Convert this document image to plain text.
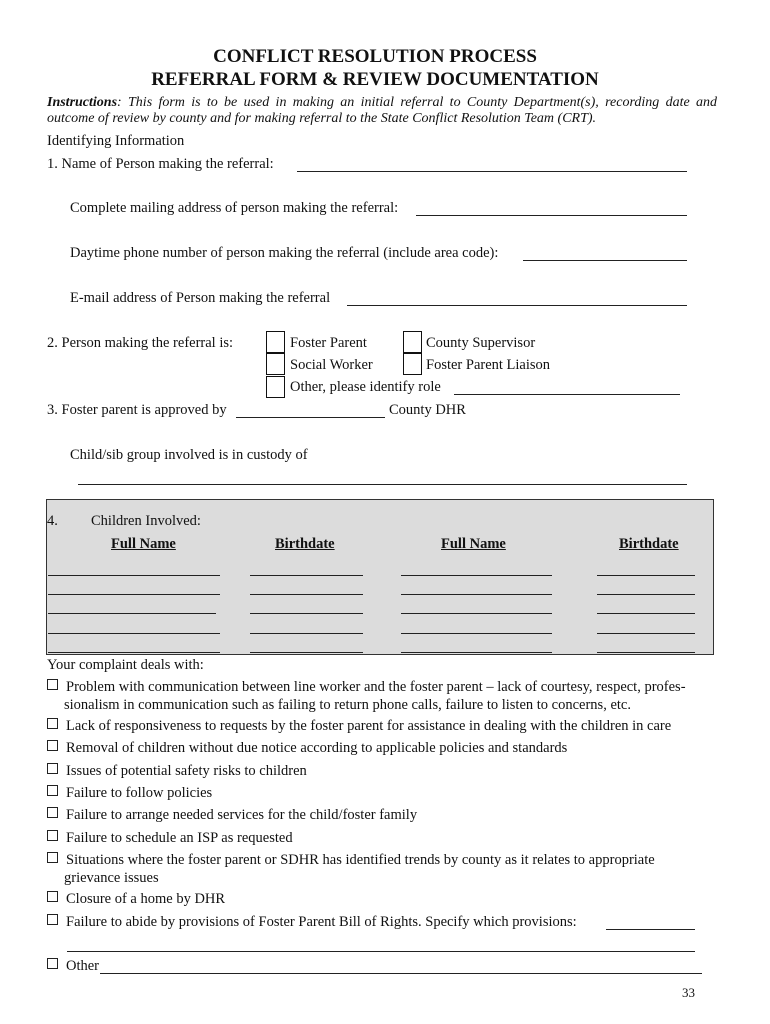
CONFLICT RESOLUTION PROCESS
REFERRAL FORM & REVIEW DOCUMENTATION
Instructions: This form is to be used in making an initial referral to County Department(s), recording date and outcome of review by county and for making referral to the State Conflict Resolution Team (CRT).
Identifying Information
1. Name of Person making the referral:
Complete mailing address of person making the referral:
Daytime phone number of person making the referral (include area code):
E-mail address of Person making the referral
2. Person making the referral is:	Foster Parent	County Supervisor
Social Worker	Foster Parent Liaison
Other, please identify role
3. Foster parent is approved by	County DHR
Child/sib group involved is in custody of
4. Children Involved:
Full Name	Birthdate	Full Name	Birthdate
Your complaint deals with:
Problem with communication between line worker and the foster parent – lack of courtesy, respect, profes-
sionalism in communication such as failing to return phone calls, failure to listen to concerns, etc.
Lack of responsiveness to requests by the foster parent for assistance in dealing with the children in care
Removal of children without due notice according to applicable policies and standards
Issues of potential safety risks to children
Failure to follow policies
Failure to arrange needed services for the child/foster family
Failure to schedule an ISP as requested
Situations where the foster parent or SDHR has identified trends by county as it relates to appropriate
grievance issues
Closure of a home by DHR
Failure to abide by provisions of Foster Parent Bill of Rights. Specify which provisions:
Other
33
